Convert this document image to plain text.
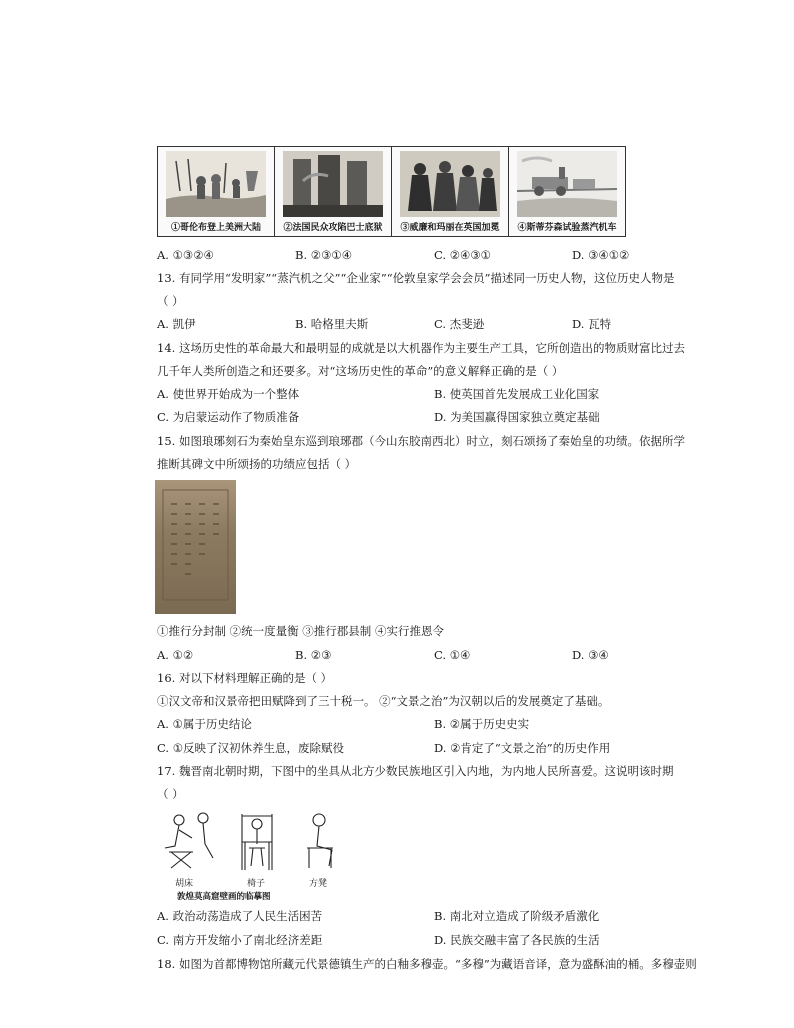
①哥伦布登上美洲大陆	②法国民众攻陷巴士底狱	③威廉和玛丽在英国加冕	④斯蒂芬森试验蒸汽机车
A. ①③②④	B. ②③①④	C. ②④③①	D. ③④①②
13. 有同学用“发明家”“蒸汽机之父”“企业家”“伦敦皇家学会会员”描述同一历史人物，这位历史人物是
（ ）
A. 凯伊	B. 哈格里夫斯	C. 杰斐逊	D. 瓦特
14. 这场历史性的革命最大和最明显的成就是以大机器作为主要生产工具，它所创造出的物质财富比过去
几千年人类所创造之和还要多。对“这场历史性的革命”的意义解释正确的是（ ）
A. 使世界开始成为一个整体	B. 使英国首先发展成工业化国家
C. 为启蒙运动作了物质准备	D. 为美国赢得国家独立奠定基础
15. 如图琅琊刻石为秦始皇东巡到琅琊郡（今山东胶南西北）时立，刻石颂扬了秦始皇的功绩。依据所学
推断其碑文中所颂扬的功绩应包括（ ）
①推行分封制 ②统一度量衡 ③推行郡县制 ④实行推恩令
A. ①②	B. ②③	C. ①④	D. ③④
16. 对以下材料理解正确的是（ ）
①汉文帝和汉景帝把田赋降到了三十税一。 ②“文景之治”为汉朝以后的发展奠定了基础。
A. ①属于历史结论	B. ②属于历史史实
C. ①反映了汉初休养生息，废除赋役	D. ②肯定了“文景之治”的历史作用
17. 魏晋南北朝时期，下图中的坐具从北方少数民族地区引入内地，为内地人民所喜爱。这说明该时期
（ ）
胡床	椅子	方凳
敦煌莫高窟壁画的临摹图
A. 政治动荡造成了人民生活困苦	B. 南北对立造成了阶级矛盾激化
C. 南方开发缩小了南北经济差距	D. 民族交融丰富了各民族的生活
18. 如图为首都博物馆所藏元代景德镇生产的白釉多穆壶。“多穆”为藏语音译，意为盛酥油的桶。多穆壶则
